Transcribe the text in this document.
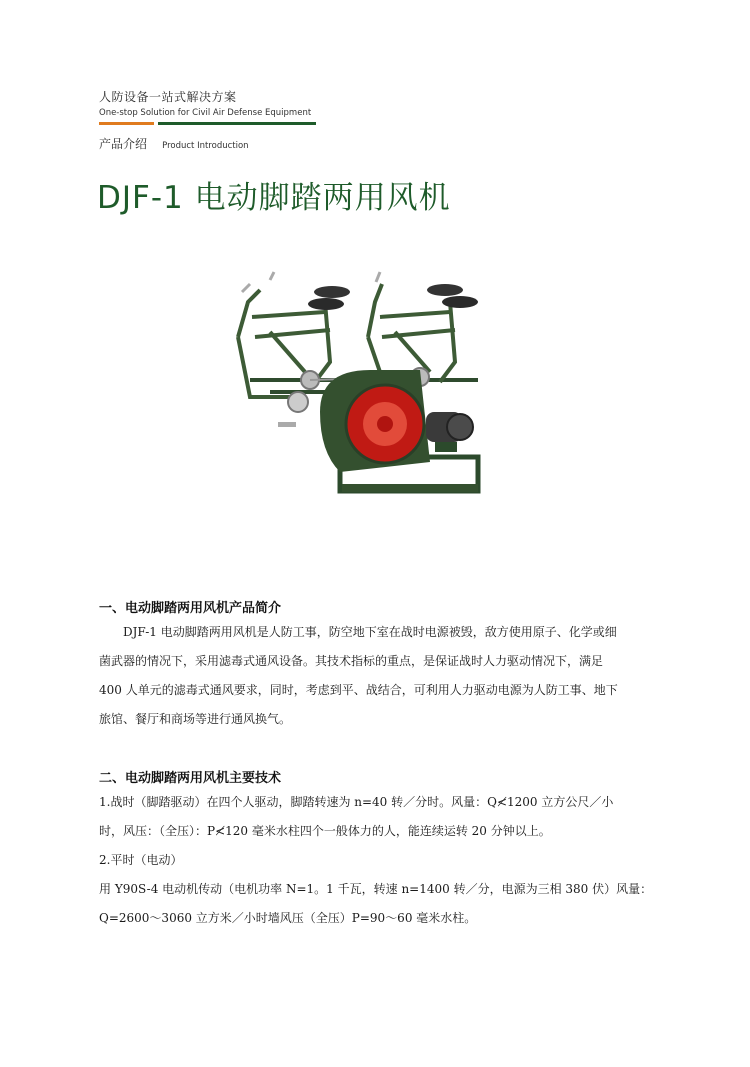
人防设备一站式解决方案
One-stop Solution for Civil Air Defense Equipment
产品介绍 Product Introduction
DJF-1 电动脚踏两用风机
一、电动脚踏两用风机产品简介
　　DJF-1 电动脚踏两用风机是人防工事，防空地下室在战时电源被毁，敌方使用原子、化学或细
菌武器的情况下，采用滤毒式通风设备。其技术指标的重点，是保证战时人力驱动情况下，满足
400 人单元的滤毒式通风要求，同时，考虑到平、战结合，可利用人力驱动电源为人防工事、地下
旅馆、餐厅和商场等进行通风换气。
二、电动脚踏两用风机主要技术
1.战时（脚踏驱动）在四个人驱动，脚踏转速为 n=40 转／分时。风量：Q≮1200 立方公尺／小
时，风压：（全压）：P≮120 毫米水柱四个一般体力的人，能连续运转 20 分钟以上。
2.平时（电动）
用 Y90S-4 电动机传动（电机功率 N=1。1 千瓦，转速 n=1400 转／分，电源为三相 380 伏）风量：
Q=2600～3060 立方米／小时墙风压（全压）P=90～60 毫米水柱。
